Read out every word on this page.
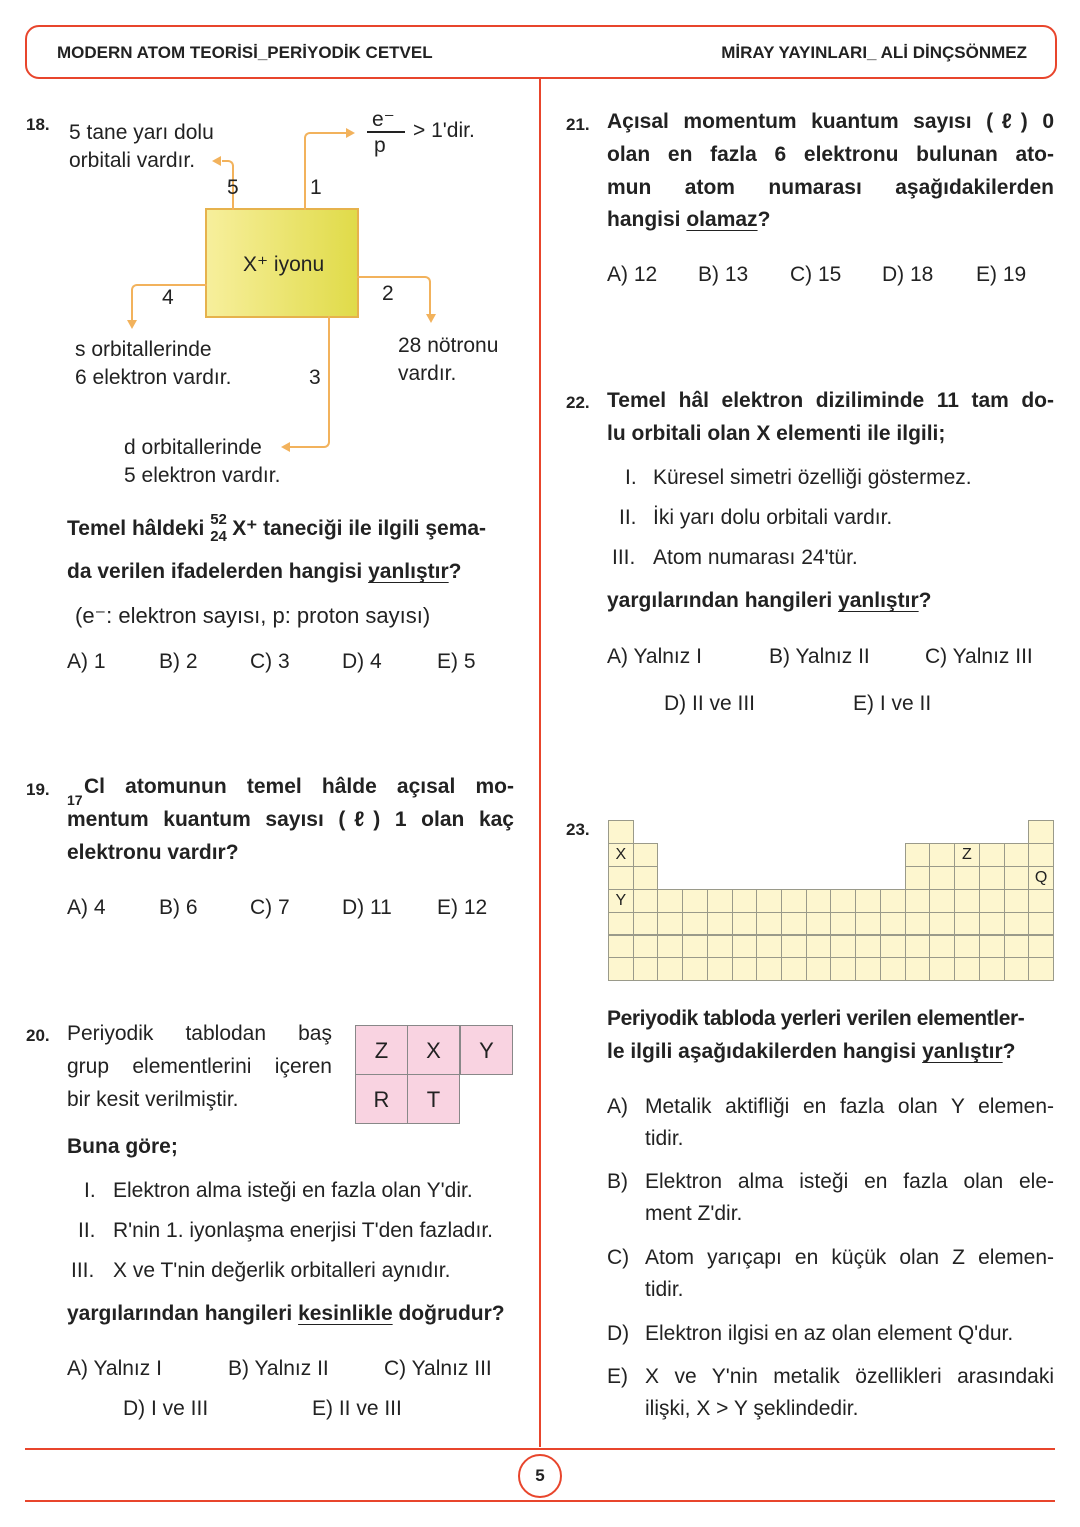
MODERN ATOM TEORİSİ_PERİYODİK CETVEL	MİRAY YAYINLARI_ ALİ DİNÇSÖNMEZ
5
18.
X⁺ iyonu
5 tane yarı dolu
orbitali vardır.
5	1
e⁻
p
> 1'dir.
4	2
s orbitallerinde
6 elektron vardır.
28 nötronu
vardır.
3
d orbitallerinde
5 elektron vardır.
Temel hâldeki 52
24 X⁺ taneciği ile ilgili şema-
da verilen ifadelerden hangisi yanlıştır?
(e⁻: elektron sayısı, p: proton sayısı)
A) 1	B) 2 C) 3 D) 4	E) 5
19.
17
Cl atomunun temel hâlde açısal mo-
mentum kuantum sayısı (ℓ) 1 olan kaç
elektronu vardır?
A) 4	B) 6 C) 7 D) 11 E) 12
20. Periyodik tablodan baş
grup elementlerini içeren
bir kesit verilmiştir.
Z	X	Y
R	T
Buna göre;
I. Elektron alma isteği en fazla olan Y'dir.
II. R'nin 1. iyonlaşma enerjisi T'den fazladır.
III. X ve T'nin değerlik orbitalleri aynıdır.
yargılarından hangileri kesinlikle doğrudur?
A) Yalnız I	B) Yalnız II	C) Yalnız III
D) I ve III	E) II ve III
21. Açısal momentum kuantum sayısı (ℓ) 0
olan en fazla 6 elektronu bulunan ato-
mun atom numarası aşağıdakilerden
hangisi olamaz?
A) 12 B) 13 C) 15 D) 18 E) 19
22. Temel hâl elektron diziliminde 11 tam do-
lu orbitali olan X elementi ile ilgili;
I. Küresel simetri özelliği göstermez.
II. İki yarı dolu orbitali vardır.
III. Atom numarası 24'tür.
yargılarından hangileri yanlıştır?
A) Yalnız I	B) Yalnız II	C) Yalnız III
D) II ve III	E) I ve II
23.
X	Z
Q
Y
Periyodik tabloda yerleri verilen elementler-
le ilgili aşağıdakilerden hangisi yanlıştır?
A) Metalik aktifliği en fazla olan Y elemen-
tidir.
B) Elektron alma isteği en fazla olan ele-
ment Z'dir.
C) Atom yarıçapı en küçük olan Z elemen-
tidir.
D) Elektron ilgisi en az olan element Q'dur.
E) X ve Y'nin metalik özellikleri arasındaki
ilişki, X > Y şeklindedir.
